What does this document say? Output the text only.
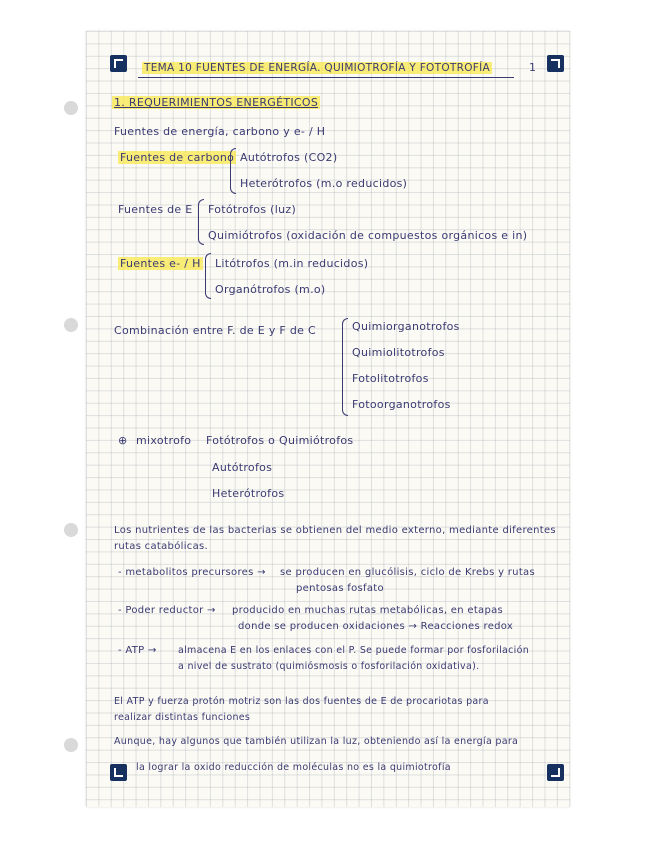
TEMA 10 FUENTES DE ENERGÍA. QUIMIOTROFÍA Y FOTOTROFÍA	1
1. REQUERIMIENTOS ENERGÉTICOS
Fuentes de energía, carbono y e- / H
Fuentes de carbono Autótrofos (CO2)
Heterótrofos (m.o reducidos)
Fuentes de E Fotótrofos (luz)
Quimiótrofos (oxidación de compuestos orgánicos e in)
Fuentes e- / H Litótrofos (m.in reducidos)
Organótrofos (m.o)
Combinación entre F. de E y F de C	Quimiorganotrofos
Quimiolitotrofos
Fotolitotrofos
Fotoorganotrofos
⊕ mixotrofo Fotótrofos o Quimiótrofos
Autótrofos
Heterótrofos
Los nutrientes de las bacterias se obtienen del medio externo, mediante diferentes
rutas catabólicas.
- metabolitos precursores → se producen en glucólisis, ciclo de Krebs y rutas
pentosas fosfato
- Poder reductor → producido en muchas rutas metabólicas, en etapas
donde se producen oxidaciones → Reacciones redox
- ATP → almacena E en los enlaces con el P. Se puede formar por fosforilación
a nivel de sustrato (quimiósmosis o fosforilación oxidativa).
El ATP y fuerza protón motriz son las dos fuentes de E de procariotas para
realizar distintas funciones
Aunque, hay algunos que también utilizan la luz, obteniendo así la energía para
la lograr la oxido reducción de moléculas no es la quimiotrofía
